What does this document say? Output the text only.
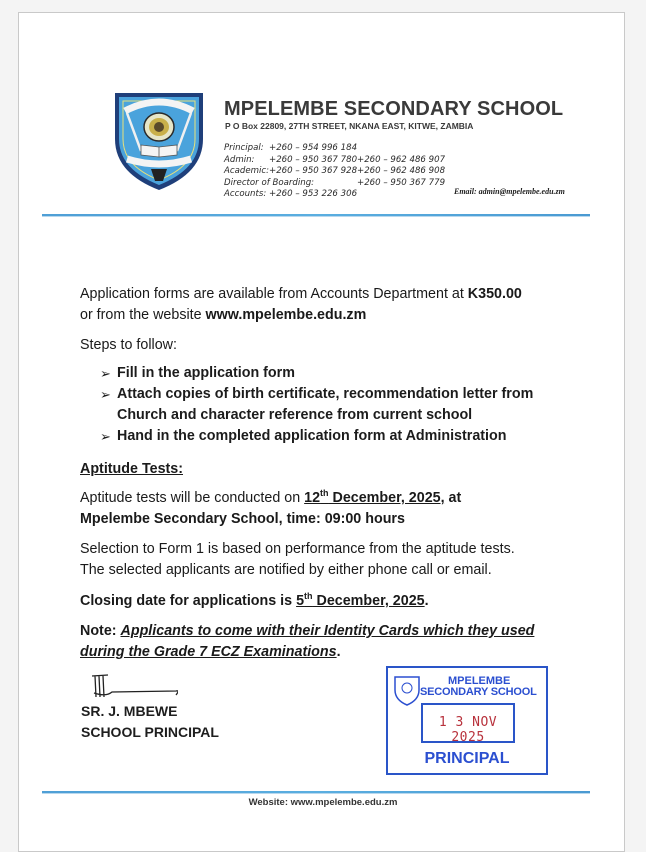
MPELEMBE SECONDARY SCHOOL
P O Box 22809, 27TH STREET, NKANA EAST, KITWE, ZAMBIA
Principal: +260 – 954 996 184
Admin: +260 – 950 367 780 +260 – 962 486 907
Academic: +260 – 950 367 928 +260 – 962 486 908
Director of Boarding:	+260 – 950 367 779
Accounts: +260 – 953 226 306	Email: admin@mpelembe.edu.zm
Application forms are available from Accounts Department at K350.00
or from the website www.mpelembe.edu.zm
Steps to follow:
➢ Fill in the application form
➢ Attach copies of birth certificate, recommendation letter from
Church and character reference from current school
➢ Hand in the completed application form at Administration
Aptitude Tests:
Aptitude tests will be conducted on 12th December, 2025, at
Mpelembe Secondary School, time: 09:00 hours
Selection to Form 1 is based on performance from the aptitude tests.
The selected applicants are notified by either phone call or email.
Closing date for applications is 5th December, 2025.
Note: Applicants to come with their Identity Cards which they used
during the Grade 7 ECZ Examinations.
SR. J. MBEWE
SCHOOL PRINCIPAL
MPELEMBE
SECONDARY SCHOOL
1 3 NOV 2025
PRINCIPAL
Website: www.mpelembe.edu.zm
